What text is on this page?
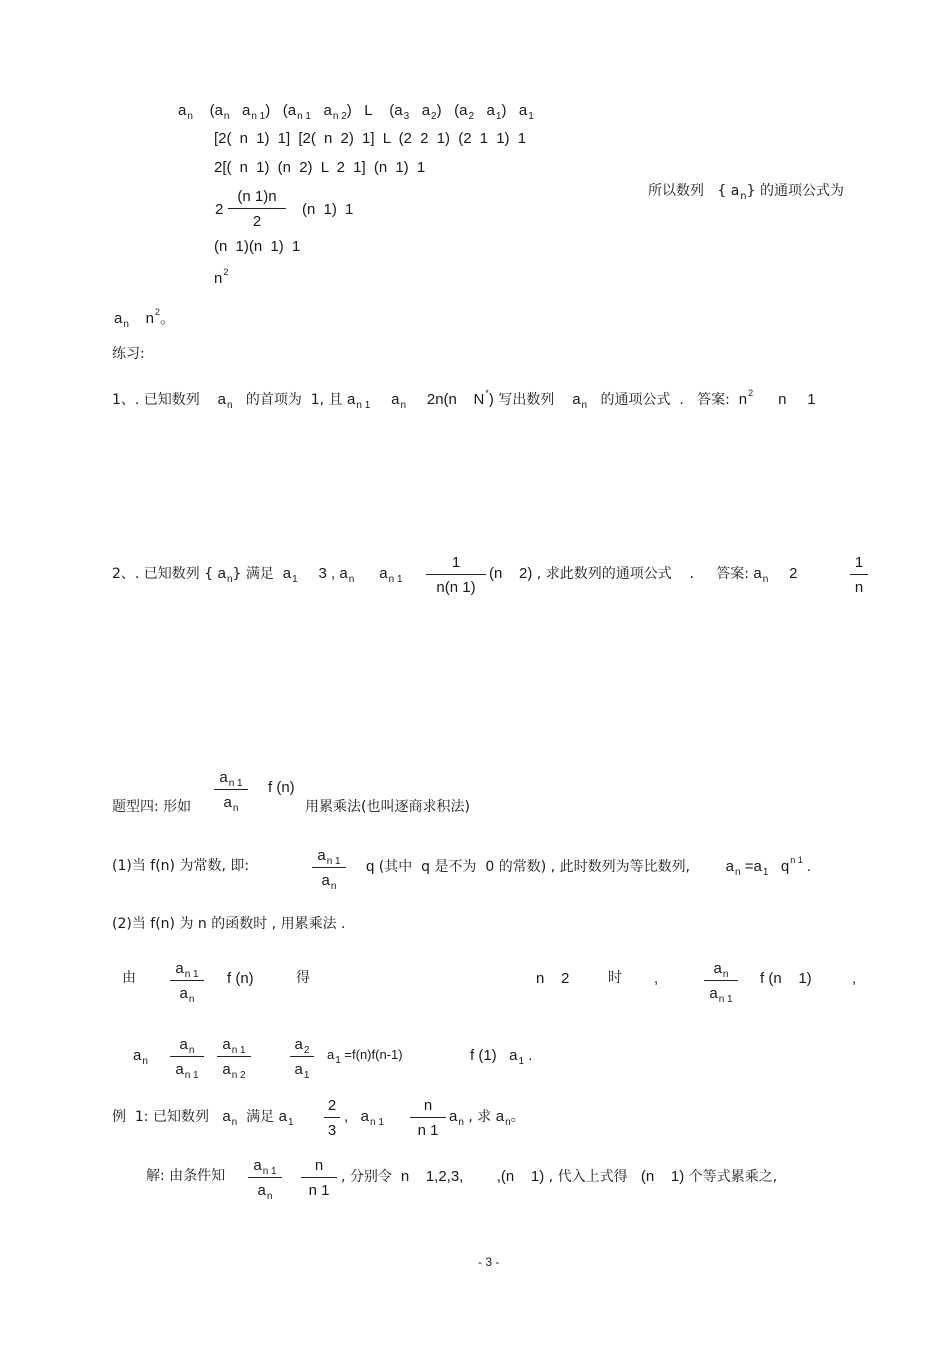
$a_n$    ($a_n$   $a_{n 1}$)   ($a_{n 1}$   $a_{n 2}$)   L    ($a_3$   $a_2$)   ($a_2$   $a_1$)   $a_1$
[2( n 1) 1] [2( n 2) 1] L (2 2 1) (2 1 1) 1
2[( n 1) (n 2) L 2 1] (n 1) 1
2
(n 1)n
2
(n 1) 1
(n 1)(n 1) 1
$n^2$
所以数列   { $a_n$} 的通项公式为
$a_n$    $n^2$。
练习:
1、. 已知数列    $a_n$   的首项为  1, 且 $a_{n 1}$     $a_n$     2n(n    N*) 写出数列    $a_n$   的通项公式  .   答案:  $n^2$      n     1
2、. 已知数列 { $a_n$} 满足  $a_1$     3 , $a_n$      $a_{n 1}$
1
n(n 1)
(n    2) , 求此数列的通项公式    .     答案: $a_n$     2
1
n
题型四: 形如
$a_{n 1}$
$a_n$
f (n)
用累乘法(也叫逐商求积法)
(1)当 f(n) 为常数, 即:
$a_{n 1}$
$a_n$
q (其中  q 是不为  0 的常数) , 此时数列为等比数列,        $a_n =a_1$   $q^{n 1}$ .
(2)当 f(n) 为 n 的函数时 , 用累乘法 .
由
$a_{n 1}$
$a_n$
f (n)	得	n    2	时 ,
$a_n$
$a_{n 1}$
f (n    1)	,
$a_n$
$a_n$
$a_{n 1}$
$a_{n 1}$
$a_{n 2}$
$a_2$
$a_1$
$a_1 =f(n)f(n-1)$	f (1)   $a_1$ .
例  1: 已知数列   $a_n$  满足 $a_1$
2
3
,   $a_{n 1}$
n
n 1
$a_n$ , 求 $a_n$。
解: 由条件知
$a_{n 1}$
$a_n$
n
n 1
, 分别令  n    1,2,3,        ,(n    1) , 代入上式得   (n    1) 个等式累乘之,
- 3 -
